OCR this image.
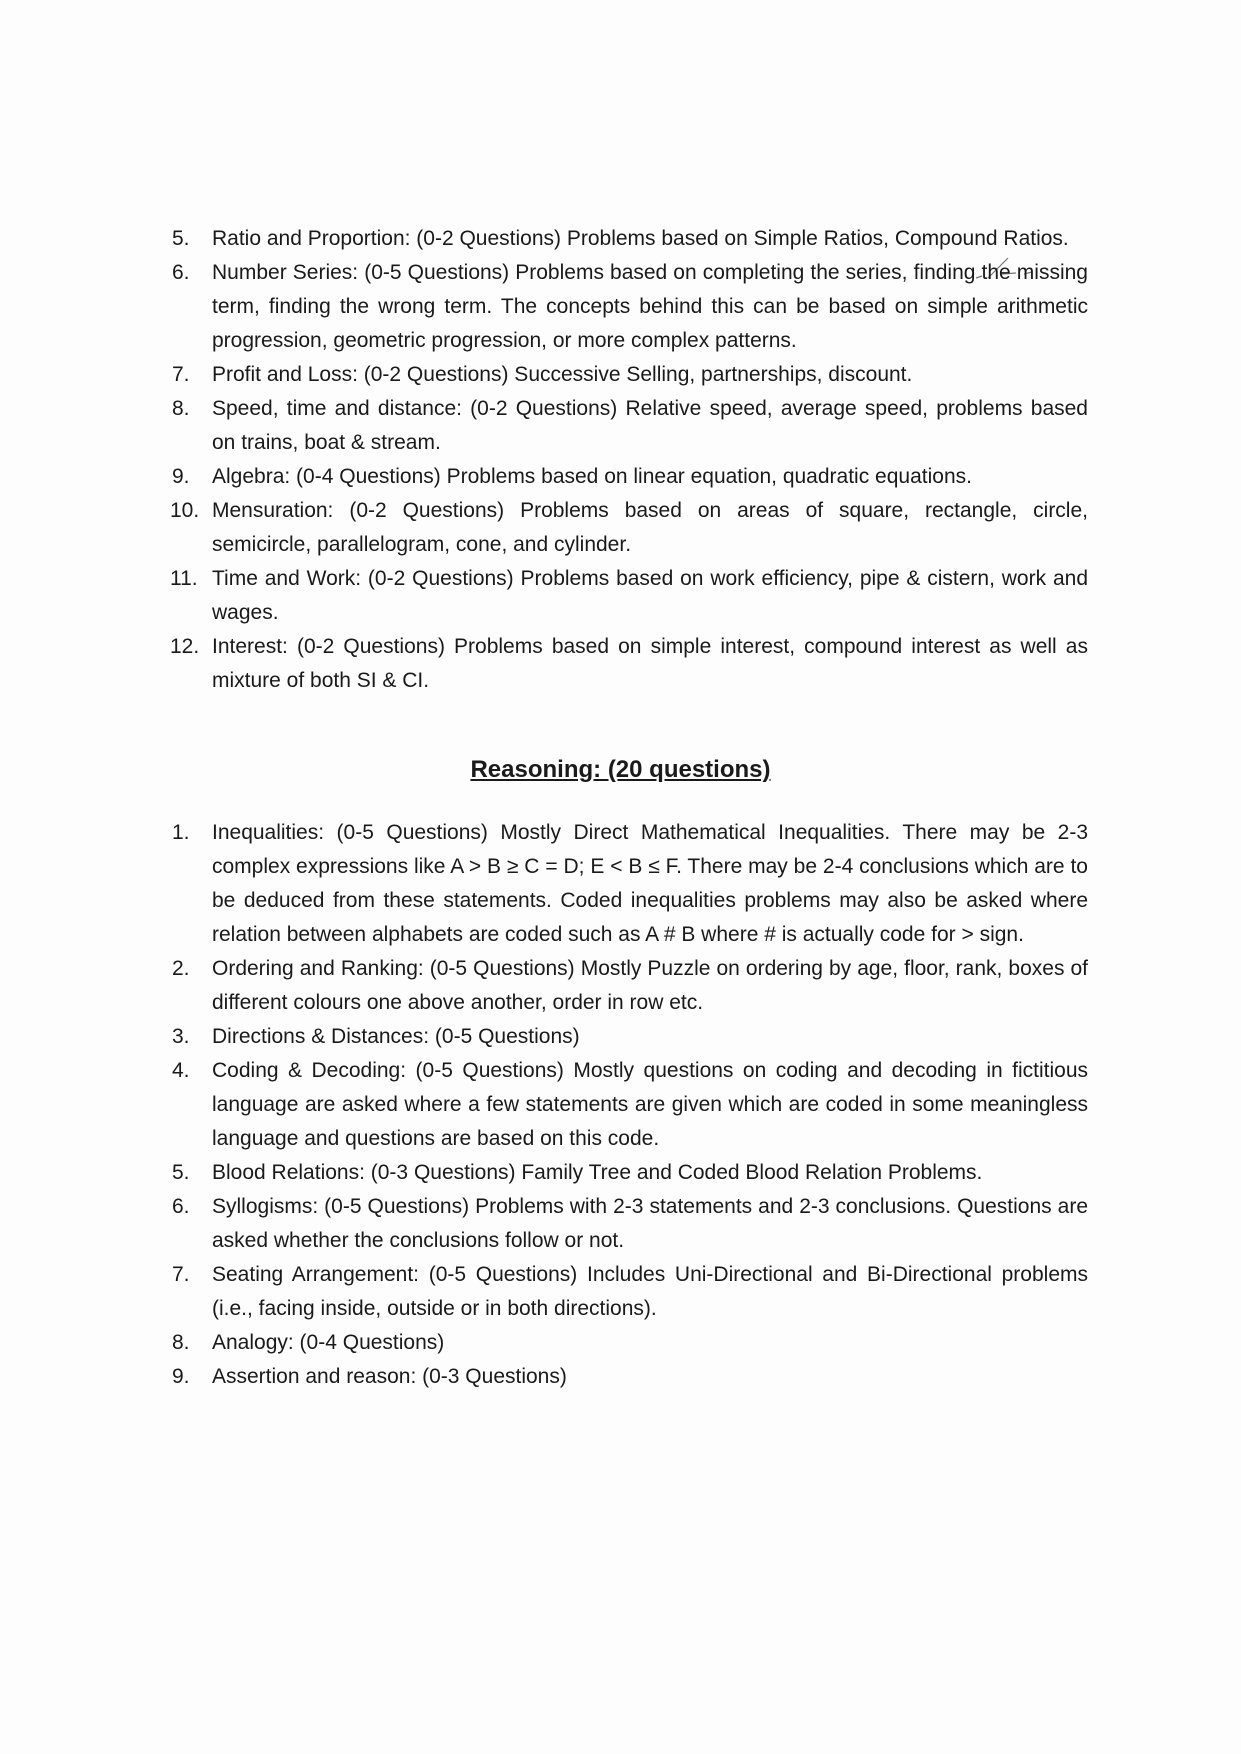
5.	Ratio and Proportion: (0-2 Questions) Problems based on Simple Ratios, Compound Ratios.
6.	Number Series: (0-5 Questions) Problems based on completing the series, finding the missing term, finding the wrong term. The concepts behind this can be based on simple arithmetic progression, geometric progression, or more complex patterns.
7.	Profit and Loss: (0-2 Questions) Successive Selling, partnerships, discount.
8.	Speed, time and distance: (0-2 Questions) Relative speed, average speed, problems based on trains, boat & stream.
9.	Algebra: (0-4 Questions) Problems based on linear equation, quadratic equations.
10. Mensuration: (0-2 Questions) Problems based on areas of square, rectangle, circle, semicircle, parallelogram, cone, and cylinder.
11. Time and Work: (0-2 Questions) Problems based on work efficiency, pipe & cistern, work and wages.
12. Interest: (0-2 Questions) Problems based on simple interest, compound interest as well as mixture of both SI & CI.
Reasoning: (20 questions)
1.	Inequalities: (0-5 Questions) Mostly Direct Mathematical Inequalities. There may be 2-3 complex expressions like A > B ≥ C = D; E < B ≤ F. There may be 2-4 conclusions which are to be deduced from these statements. Coded inequalities problems may also be asked where relation between alphabets are coded such as A # B where # is actually code for > sign.
2.	Ordering and Ranking: (0-5 Questions) Mostly Puzzle on ordering by age, floor, rank, boxes of different colours one above another, order in row etc.
3.	Directions & Distances: (0-5 Questions)
4.	Coding & Decoding: (0-5 Questions) Mostly questions on coding and decoding in fictitious language are asked where a few statements are given which are coded in some meaningless language and questions are based on this code.
5.	Blood Relations: (0-3 Questions) Family Tree and Coded Blood Relation Problems.
6.	Syllogisms: (0-5 Questions) Problems with 2-3 statements and 2-3 conclusions. Questions are asked whether the conclusions follow or not.
7.	Seating Arrangement: (0-5 Questions) Includes Uni-Directional and Bi-Directional problems (i.e., facing inside, outside or in both directions).
8.	Analogy: (0-4 Questions)
9.	Assertion and reason: (0-3 Questions)
